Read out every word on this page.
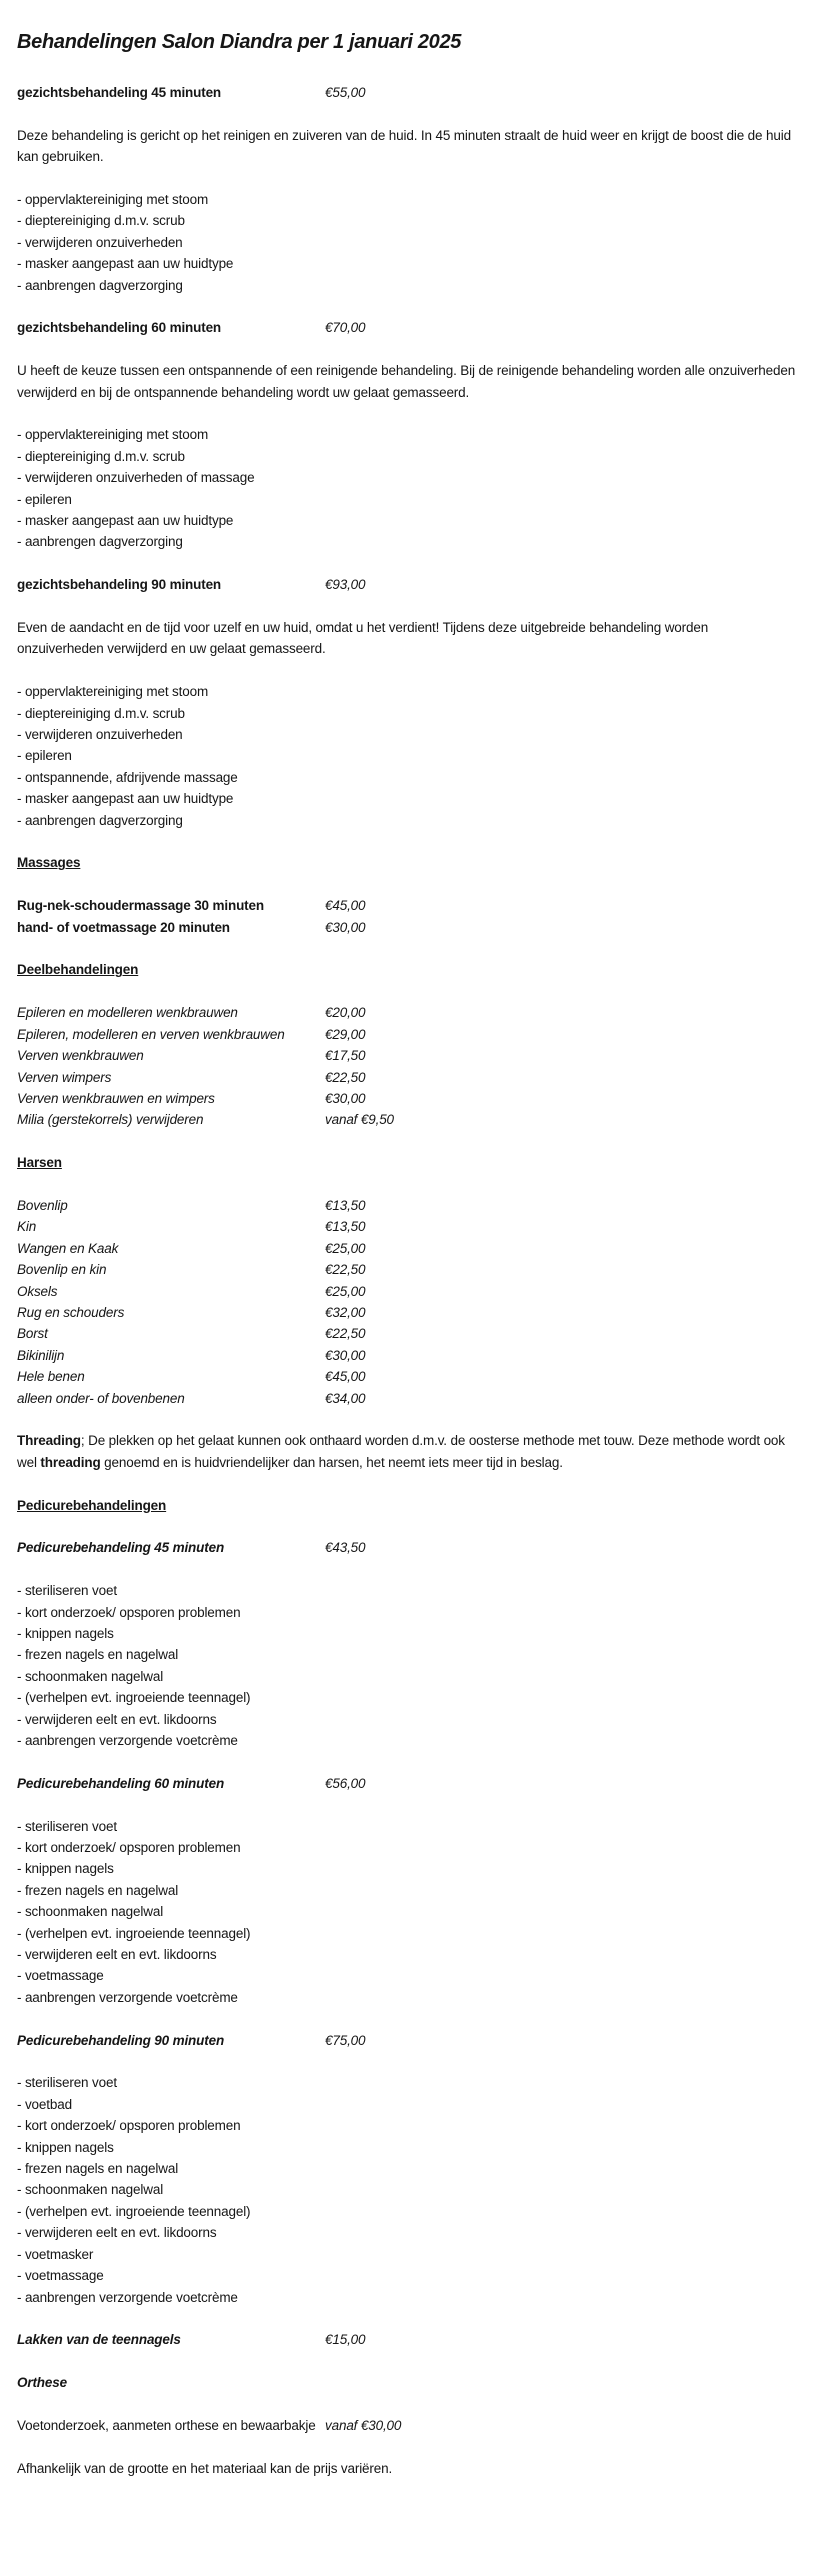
Behandelingen Salon Diandra per 1 januari 2025
gezichtsbehandeling 45 minuten	€55,00
Deze behandeling is gericht op het reinigen en zuiveren van de huid. In 45 minuten straalt de huid weer en krijgt de boost die de huid kan gebruiken.
- oppervlaktereiniging met stoom
- dieptereiniging d.m.v. scrub
- verwijderen onzuiverheden
- masker aangepast aan uw huidtype
- aanbrengen dagverzorging
gezichtsbehandeling 60 minuten	€70,00
U heeft de keuze tussen een ontspannende of een reinigende behandeling. Bij de reinigende behandeling worden alle onzuiverheden verwijderd en bij de ontspannende behandeling wordt uw gelaat gemasseerd.
- oppervlaktereiniging met stoom
- dieptereiniging d.m.v. scrub
- verwijderen onzuiverheden of massage
- epileren
- masker aangepast aan uw huidtype
- aanbrengen dagverzorging
gezichtsbehandeling 90 minuten	€93,00
Even de aandacht en de tijd voor uzelf en uw huid, omdat u het verdient! Tijdens deze uitgebreide behandeling worden onzuiverheden verwijderd en uw gelaat gemasseerd.
- oppervlaktereiniging met stoom
- dieptereiniging d.m.v. scrub
- verwijderen onzuiverheden
- epileren
- ontspannende, afdrijvende massage
- masker aangepast aan uw huidtype
- aanbrengen dagverzorging
Massages
Rug-nek-schoudermassage 30 minuten	€45,00
hand- of voetmassage 20 minuten	€30,00
Deelbehandelingen
Epileren en modelleren wenkbrauwen	€20,00
Epileren, modelleren en verven wenkbrauwen	€29,00
Verven wenkbrauwen	€17,50
Verven wimpers	€22,50
Verven wenkbrauwen en wimpers	€30,00
Milia (gerstekorrels) verwijderen	vanaf €9,50
Harsen
Bovenlip	€13,50
Kin	€13,50
Wangen en Kaak	€25,00
Bovenlip en kin	€22,50
Oksels	€25,00
Rug en schouders	€32,00
Borst	€22,50
Bikinilijn	€30,00
Hele benen	€45,00
alleen onder- of bovenbenen	€34,00
Threading; De plekken op het gelaat kunnen ook onthaard worden d.m.v. de oosterse methode met touw. Deze methode wordt ook wel threading genoemd en is huidvriendelijker dan harsen, het neemt iets meer tijd in beslag.
Pedicurebehandelingen
Pedicurebehandeling 45 minuten	€43,50
- steriliseren voet
- kort onderzoek/ opsporen problemen
- knippen nagels
- frezen nagels en nagelwal
- schoonmaken nagelwal
- (verhelpen evt. ingroeiende teennagel)
- verwijderen eelt en evt. likdoorns
- aanbrengen verzorgende voetcrème
Pedicurebehandeling 60 minuten	€56,00
- steriliseren voet
- kort onderzoek/ opsporen problemen
- knippen nagels
- frezen nagels en nagelwal
- schoonmaken nagelwal
- (verhelpen evt. ingroeiende teennagel)
- verwijderen eelt en evt. likdoorns
- voetmassage
- aanbrengen verzorgende voetcrème
Pedicurebehandeling 90 minuten	€75,00
- steriliseren voet
- voetbad
- kort onderzoek/ opsporen problemen
- knippen nagels
- frezen nagels en nagelwal
- schoonmaken nagelwal
- (verhelpen evt. ingroeiende teennagel)
- verwijderen eelt en evt. likdoorns
- voetmasker
- voetmassage
- aanbrengen verzorgende voetcrème
Lakken van de teennagels	€15,00
Orthese
Voetonderzoek, aanmeten orthese en bewaarbakje vanaf €30,00
Afhankelijk van de grootte en het materiaal kan de prijs variëren.
